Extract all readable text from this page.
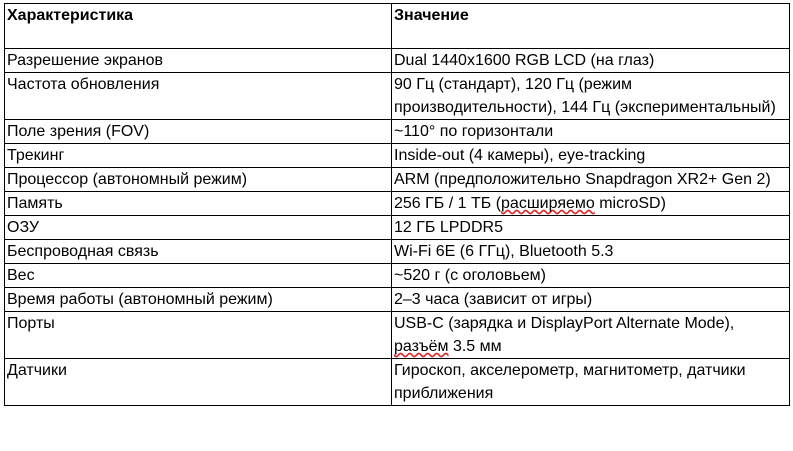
Характеристика	Значение
Разрешение экранов	Dual 1440x1600 RGB LCD (на глаз)
Частота обновления	90 Гц (стандарт), 120 Гц (режим производительности), 144 Гц (экспериментальный)
Поле зрения (FOV)	~110° по горизонтали
Трекинг	Inside-out (4 камеры), eye-tracking
Процессор (автономный режим)	ARM (предположительно Snapdragon XR2+ Gen 2)
Память	256 ГБ / 1 ТБ (расширяемо microSD)
ОЗУ	12 ГБ LPDDR5
Беспроводная связь	Wi-Fi 6E (6 ГГц), Bluetooth 5.3
Вес	~520 г (с оголовьем)
Время работы (автономный режим)	2–3 часа (зависит от игры)
Порты	USB-C (зарядка и DisplayPort Alternate Mode), разъём 3.5 мм
Датчики	Гироскоп, акселерометр, магнитометр, датчики приближения
